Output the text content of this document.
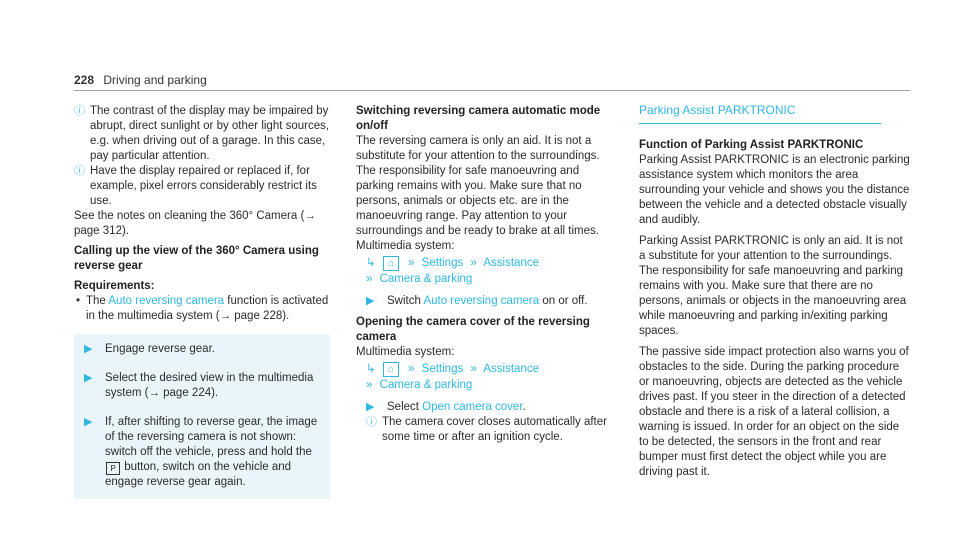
228 Driving and parking

ⓘ The contrast of the display may be impaired by abrupt, direct sunlight or by other light sources, e.g. when driving out of a garage. In this case, pay particular attention.

ⓘ Have the display repaired or replaced if, for example, pixel errors considerably restrict its use.

See the notes on cleaning the 360° Camera (→ page 312).

Calling up the view of the 360° Camera using reverse gear

Requirements:

• The Auto reversing camera function is activated in the multimedia system (→ page 228).

▶ Engage reverse gear.

▶ Select the desired view in the multimedia system (→ page 224).

▶ If, after shifting to reverse gear, the image of the reversing camera is not shown: switch off the vehicle, press and hold the P button, switch on the vehicle and engage reverse gear again.

Switching reversing camera automatic mode on/off

The reversing camera is only an aid. It is not a substitute for your attention to the surroundings. The responsibility for safe manoeuvring and parking remains with you. Make sure that no persons, animals or objects etc. are in the manoeuvring range. Pay attention to your surroundings and be ready to brake at all times.

Multimedia system:

↳ ⌂ » Settings » Assistance
» Camera & parking

▶ Switch Auto reversing camera on or off.

Opening the camera cover of the reversing camera

Multimedia system:

↳ ⌂ » Settings » Assistance
» Camera & parking

▶ Select Open camera cover.

ⓘ The camera cover closes automatically after some time or after an ignition cycle.

Parking Assist PARKTRONIC

Function of Parking Assist PARKTRONIC

Parking Assist PARKTRONIC is an electronic parking assistance system which monitors the area surrounding your vehicle and shows you the distance between the vehicle and a detected obstacle visually and audibly.

Parking Assist PARKTRONIC is only an aid. It is not a substitute for your attention to the surroundings. The responsibility for safe manoeuvring and parking remains with you. Make sure that there are no persons, animals or objects in the manoeuvring area while manoeuvring and parking in/exiting parking spaces.

The passive side impact protection also warns you of obstacles to the side. During the parking procedure or manoeuvring, objects are detected as the vehicle drives past. If you steer in the direction of a detected obstacle and there is a risk of a lateral collision, a warning is issued. In order for an object on the side to be detected, the sensors in the front and rear bumper must first detect the object while you are driving past it.
